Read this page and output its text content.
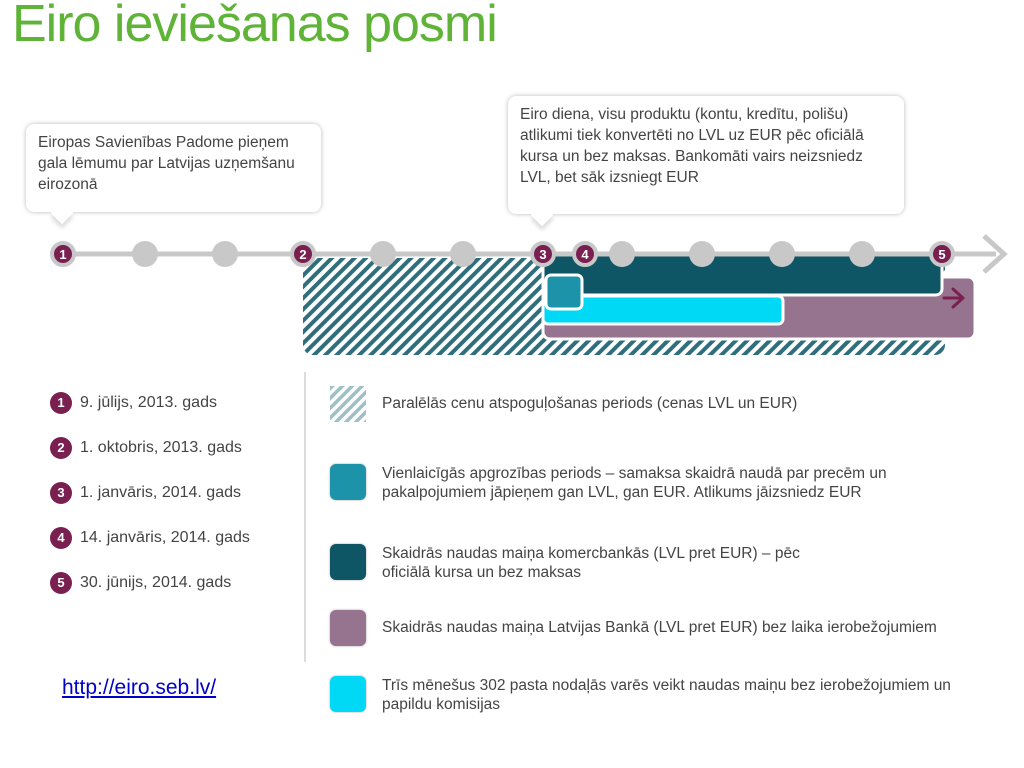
Eiro ieviešanas posmi
Eiropas Savienības Padome pieņem gala lēmumu par Latvijas uzņemšanu eirozonā
Eiro diena, visu produktu (kontu, kredītu, polišu) atlikumi tiek konvertēti no LVL uz EUR pēc oficiālā kursa un bez maksas. Bankomāti vairs neizsniedz LVL, bet sāk izsniegt EUR
1	2	3	4	5
1 9. jūlijs, 2013. gads
2 1. oktobris, 2013. gads
3 1. janvāris, 2014. gads
4 14. janvāris, 2014. gads
5 30. jūnijs, 2014. gads
Paralēlās cenu atspoguļošanas periods (cenas LVL un EUR)
Vienlaicīgās apgrozības periods – samaksa skaidrā naudā par precēm un pakalpojumiem jāpieņem gan LVL, gan EUR. Atlikums jāizsniedz EUR
Skaidrās naudas maiņa komercbankās (LVL pret EUR) – pēc oficiālā kursa un bez maksas
Skaidrās naudas maiņa Latvijas Bankā (LVL pret EUR) bez laika ierobežojumiem
Trīs mēnešus 302 pasta nodaļās varēs veikt naudas maiņu bez ierobežojumiem un papildu komisijas
http://eiro.seb.lv/
